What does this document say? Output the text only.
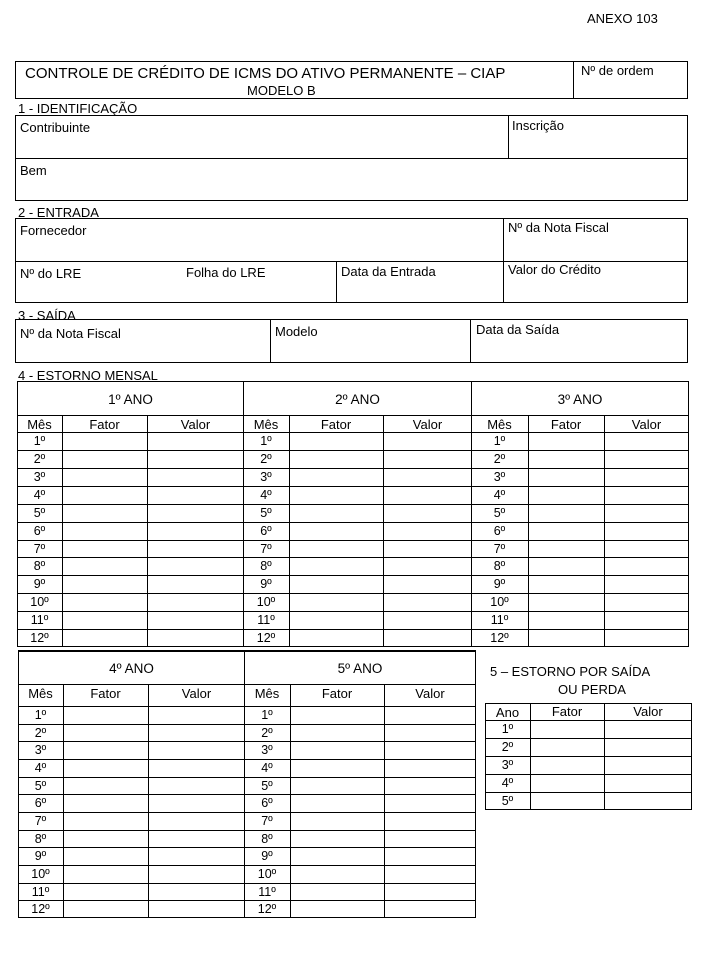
ANEXO 103
CONTROLE DE CRÉDITO DE ICMS DO ATIVO PERMANENTE – CIAP
MODELO B
Nº de ordem
1 - IDENTIFICAÇÃO
Contribuinte	Inscrição
Bem
2 - ENTRADA
Fornecedor	Nº da Nota Fiscal
Nº do LRE	Folha do LRE	Data da Entrada	Valor do Crédito
3 - SAÍDA
Nº da Nota Fiscal	Modelo	Data da Saída
4 - ESTORNO MENSAL
1º ANO
Mês	Fator	Valor
1º
2º
3º
4º
5º
6º
7º
8º
9º
10º
11º
12º
2º ANO
Mês	Fator	Valor
1º
2º
3º
4º
5º
6º
7º
8º
9º
10º
11º
12º
3º ANO
Mês	Fator	Valor
1º
2º
3º
4º
5º
6º
7º
8º
9º
10º
11º
12º
4º ANO
Mês	Fator	Valor
1º
2º
3º
4º
5º
6º
7º
8º
9º
10º
11º
12º
5º ANO
Mês	Fator	Valor
1º
2º
3º
4º
5º
6º
7º
8º
9º
10º
11º
12º
5 – ESTORNO POR SAÍDA
OU PERDA
Ano	Fator	Valor
1º
2º
3º
4º
5º
